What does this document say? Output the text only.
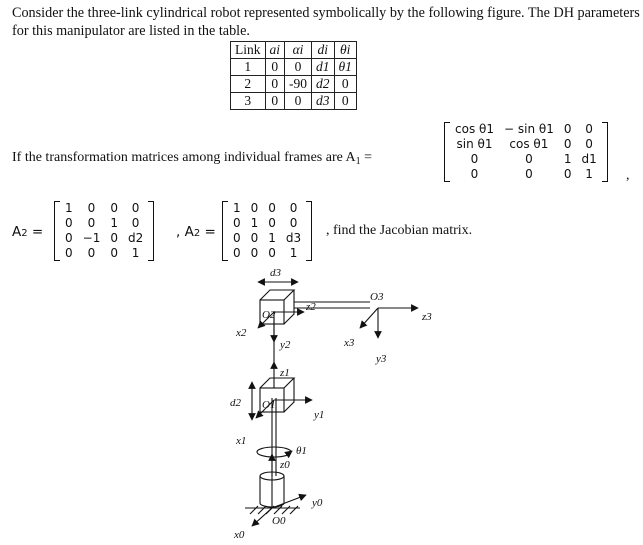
Consider the three-link cylindrical robot represented symbolically by the following figure. The DH parameters for this manipulator are listed in the table.
Link	ai	αi	di	θi
1	0	0	d1	θ1
2	0	-90	d2	0
3	0	0	d3	0
If the transformation matrices among individual frames are $A_1$ =
cos θ1	− sin θ1	0	0
sin θ1	cos θ1	0	0
0	0	1	d1
0	0	0	1 ,
A2 =
1	0	0	0
0	0	1	0
0	−1	0	d2
0	0	0	1
, A2 =
1	0	0	0
0	1	0	0
0	0	1	d3
0	0	0	1
, find the Jacobian matrix.
d3
O2
z2
O3
z3
x2
y2	x3
y3
z1
d2 O1
y1
x1
θ1
z0
y0
O0
x0
